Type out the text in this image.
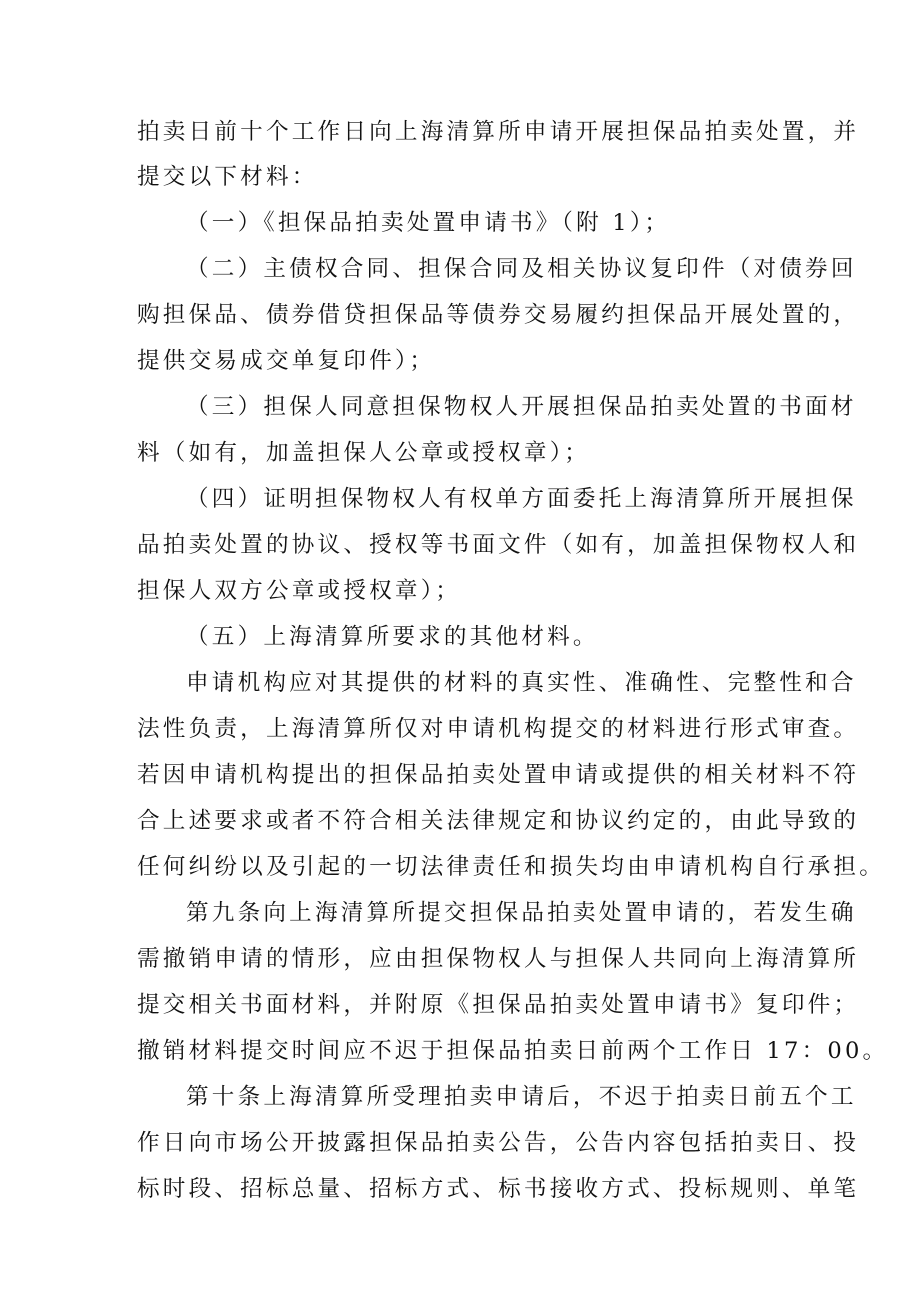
拍卖日前十个工作日向上海清算所申请开展担保品拍卖处置，并
提交以下材料：
（一）《担保品拍卖处置申请书》（附 1）；
（二）主债权合同、担保合同及相关协议复印件（对债券回
购担保品、债券借贷担保品等债券交易履约担保品开展处置的，
提供交易成交单复印件）；
（三）担保人同意担保物权人开展担保品拍卖处置的书面材
料（如有，加盖担保人公章或授权章）；
（四）证明担保物权人有权单方面委托上海清算所开展担保
品拍卖处置的协议、授权等书面文件（如有，加盖担保物权人和
担保人双方公章或授权章）；
（五）上海清算所要求的其他材料。
申请机构应对其提供的材料的真实性、准确性、完整性和合
法性负责，上海清算所仅对申请机构提交的材料进行形式审查。
若因申请机构提出的担保品拍卖处置申请或提供的相关材料不符
合上述要求或者不符合相关法律规定和协议约定的，由此导致的
任何纠纷以及引起的一切法律责任和损失均由申请机构自行承担。
第九条向上海清算所提交担保品拍卖处置申请的，若发生确
需撤销申请的情形，应由担保物权人与担保人共同向上海清算所
提交相关书面材料，并附原《担保品拍卖处置申请书》复印件；
撤销材料提交时间应不迟于担保品拍卖日前两个工作日 17：00。
第十条上海清算所受理拍卖申请后，不迟于拍卖日前五个工
作日向市场公开披露担保品拍卖公告，公告内容包括拍卖日、投
标时段、招标总量、招标方式、标书接收方式、投标规则、单笔
